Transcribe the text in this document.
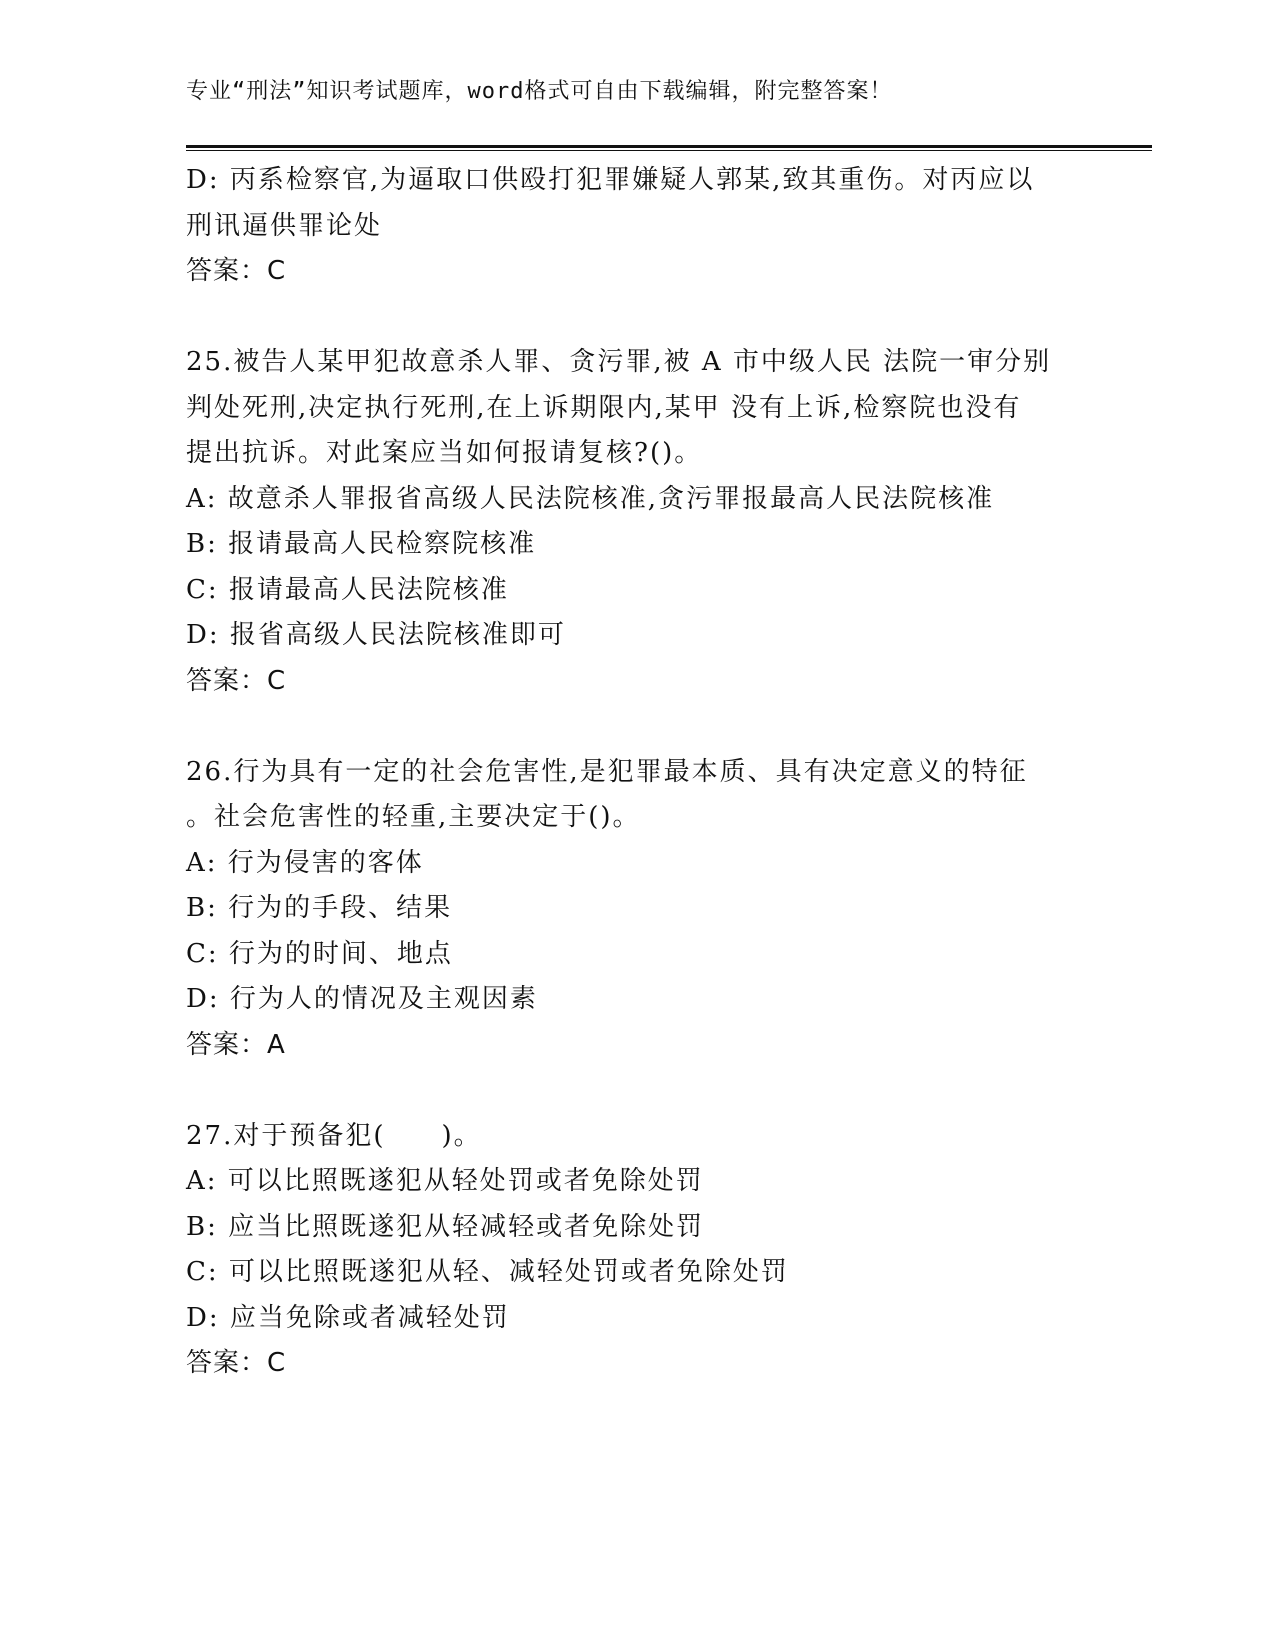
专业“刑法”知识考试题库，word格式可自由下载编辑，附完整答案！
D: 丙系检察官,为逼取口供殴打犯罪嫌疑人郭某,致其重伤。对丙应以
刑讯逼供罪论处
答案：C
25.被告人某甲犯故意杀人罪、贪污罪,被 A 市中级人民 法院一审分别
判处死刑,决定执行死刑,在上诉期限内,某甲 没有上诉,检察院也没有
提出抗诉。对此案应当如何报请复核?()。
A: 故意杀人罪报省高级人民法院核准,贪污罪报最高人民法院核准
B: 报请最高人民检察院核准
C: 报请最高人民法院核准
D: 报省高级人民法院核准即可
答案：C
26.行为具有一定的社会危害性,是犯罪最本质、具有决定意义的特征
。社会危害性的轻重,主要决定于()。
A: 行为侵害的客体
B: 行为的手段、结果
C: 行为的时间、地点
D: 行为人的情况及主观因素
答案：A
27.对于预备犯(　　)。
A: 可以比照既遂犯从轻处罚或者免除处罚
B: 应当比照既遂犯从轻减轻或者免除处罚
C: 可以比照既遂犯从轻、减轻处罚或者免除处罚
D: 应当免除或者减轻处罚
答案：C
